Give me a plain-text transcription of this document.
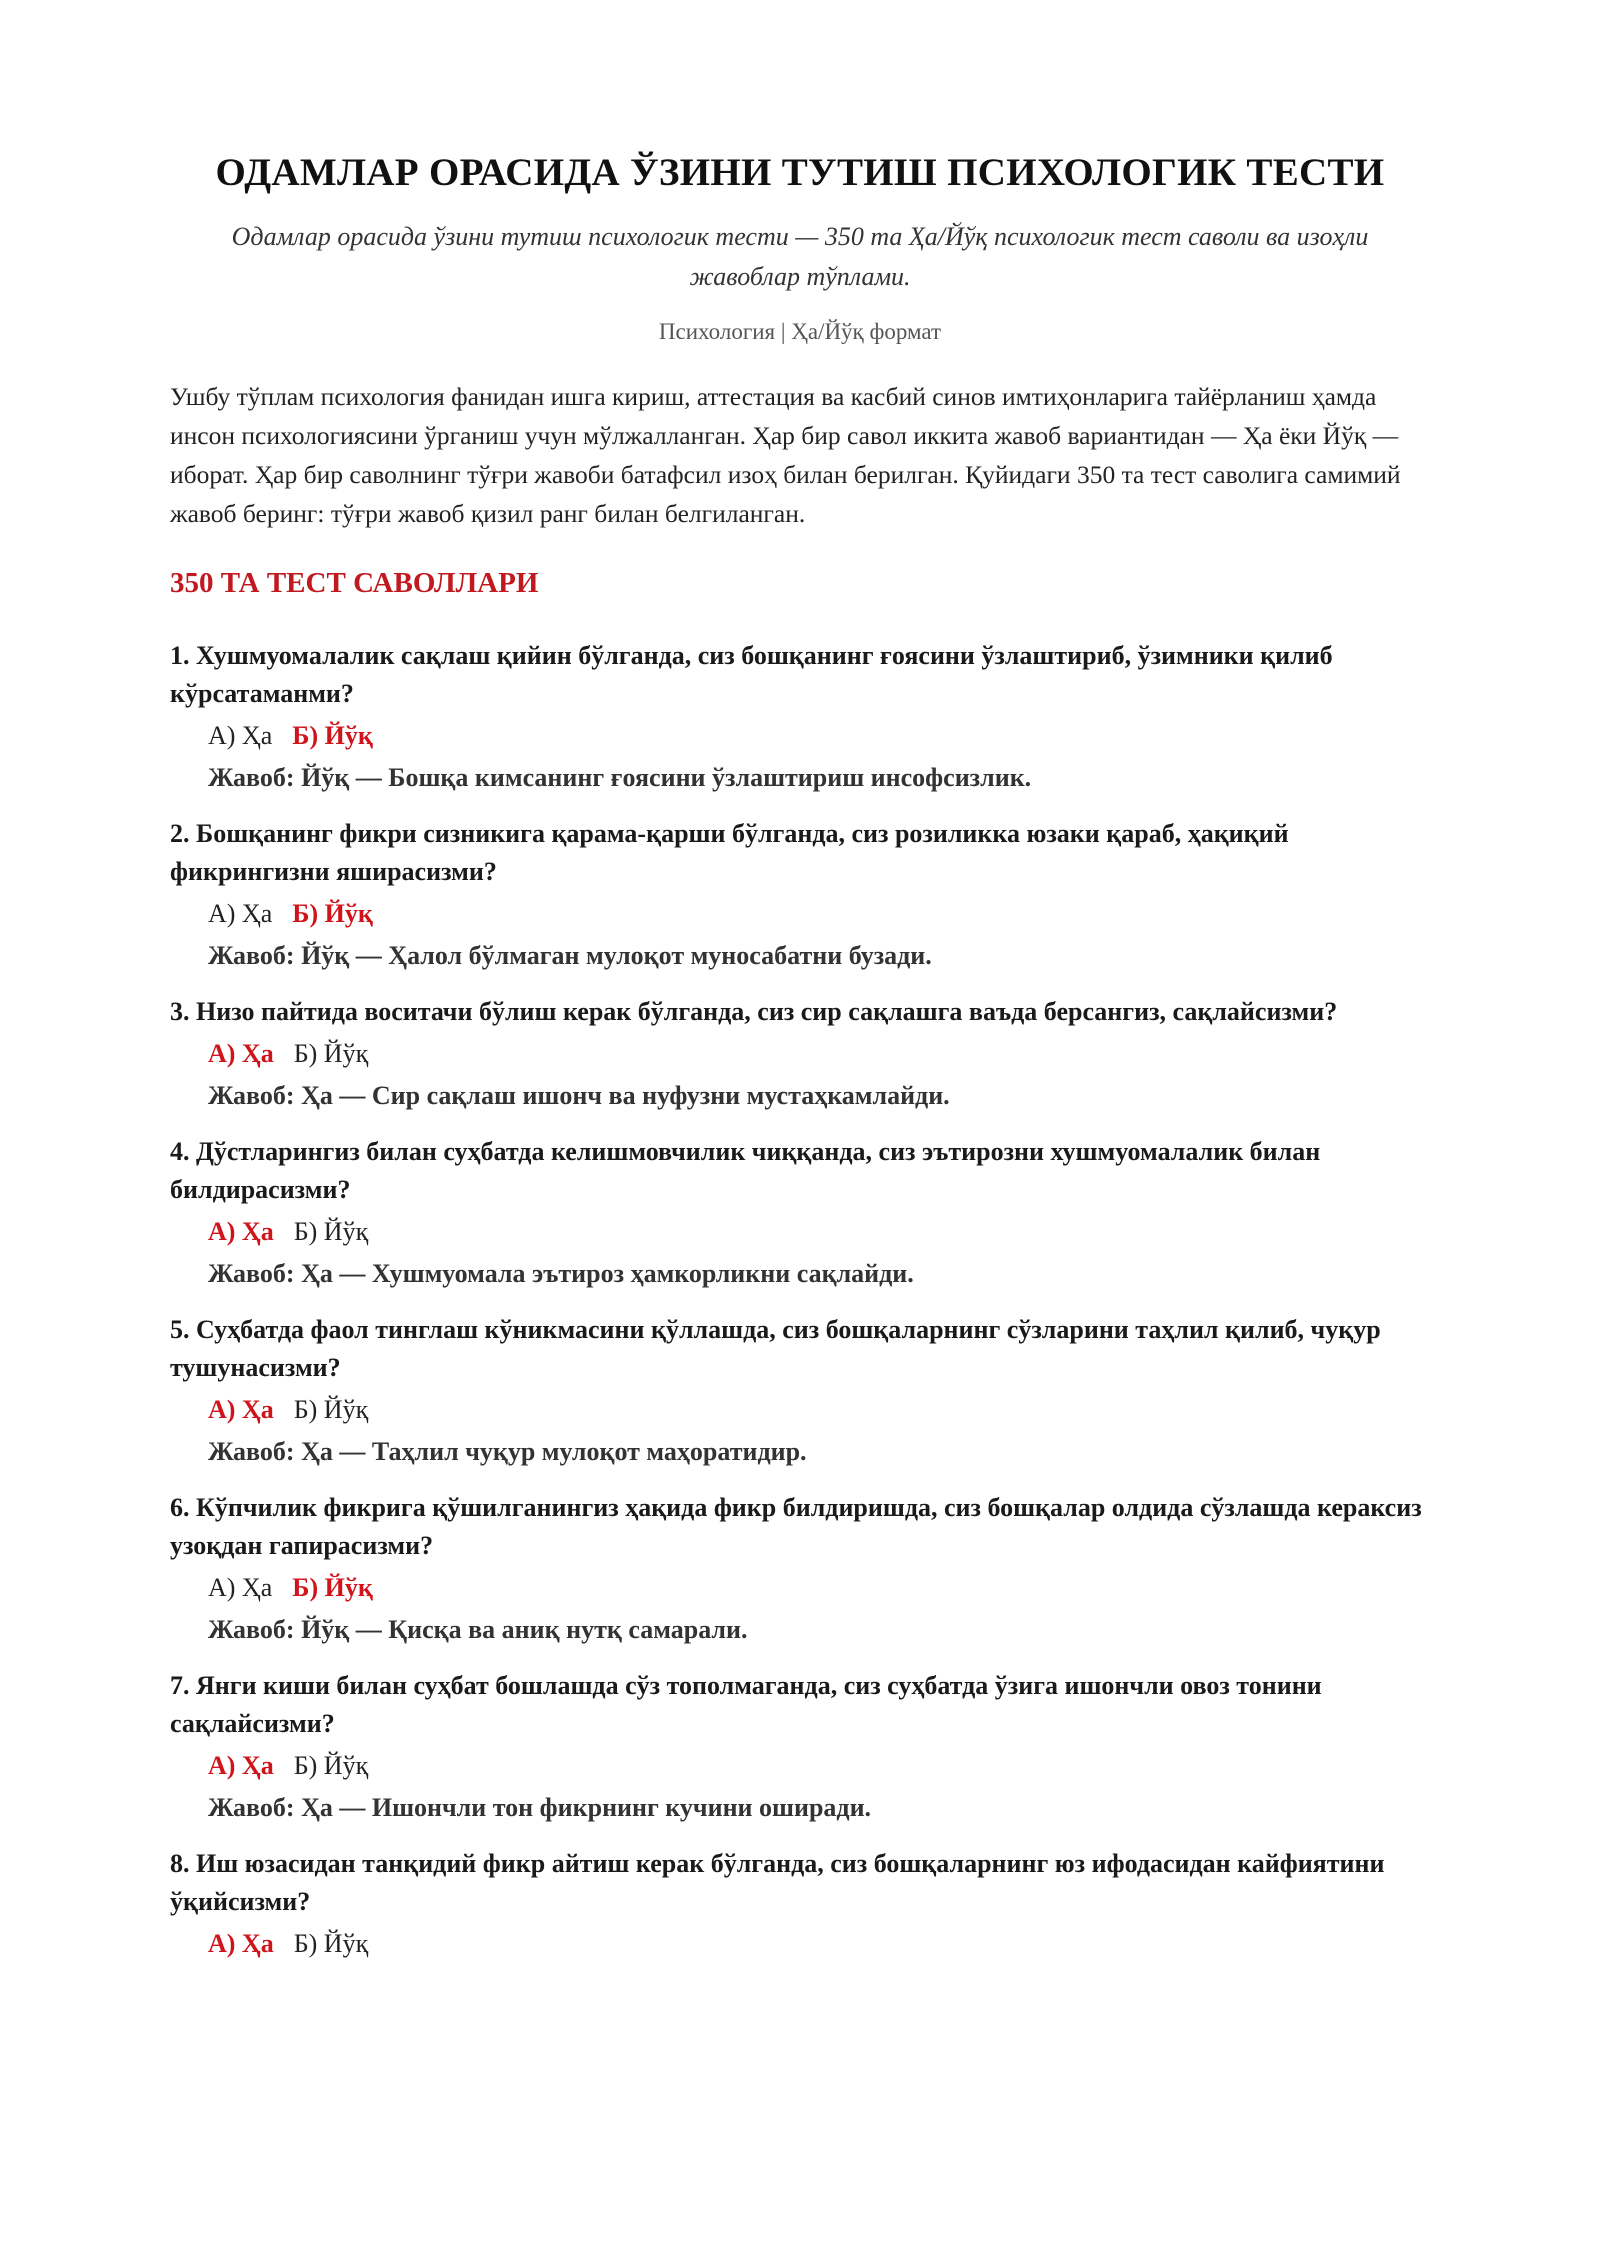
ОДАМЛАР ОРАСИДА ЎЗИНИ ТУТИШ ПСИХОЛОГИК ТЕСТИ

Одамлар орасида ўзини тутиш психологик тести — 350 та Ҳа/Йўқ психологик тест саволи ва изоҳли жавоблар тўплами.

Психология | Ҳа/Йўқ формат

Ушбу тўплам психология фанидан ишга кириш, аттестация ва касбий синов имтиҳонларига тайёрланиш ҳамда инсон психологиясини ўрганиш учун мўлжалланган. Ҳар бир савол иккита жавоб вариантидан — Ҳа ёки Йўқ — иборат. Ҳар бир саволнинг тўғри жавоби батафсил изоҳ билан берилган. Қуйидаги 350 та тест саволига самимий жавоб беринг: тўғри жавоб қизил ранг билан белгиланган.

350 ТА ТЕСТ САВОЛЛАРИ
1. Хушмуомалалик сақлаш қийин бўлганда, сиз бошқанинг ғоясини ўзлаштириб, ўзимники қилиб кўрсатаманми?
А) Ҳа Б) Йўқ
Жавоб: Йўқ — Бошқа кимсанинг ғоясини ўзлаштириш инсофсизлик.
2. Бошқанинг фикри сизникига қарама-қарши бўлганда, сиз розиликка юзаки қараб, ҳақиқий фикрингизни яширасизми?
А) Ҳа Б) Йўқ
Жавоб: Йўқ — Ҳалол бўлмаган мулоқот муносабатни бузади.
3. Низо пайтида воситачи бўлиш керак бўлганда, сиз сир сақлашга ваъда берсангиз, сақлайсизми?
А) Ҳа Б) Йўқ
Жавоб: Ҳа — Сир сақлаш ишонч ва нуфузни мустаҳкамлайди.
4. Дўстларингиз билан суҳбатда келишмовчилик чиққанда, сиз эътирозни хушмуомалалик билан билдирасизми?
А) Ҳа Б) Йўқ
Жавоб: Ҳа — Хушмуомала эътироз ҳамкорликни сақлайди.
5. Суҳбатда фаол тинглаш кўникмасини қўллашда, сиз бошқаларнинг сўзларини таҳлил қилиб, чуқур тушунасизми?
А) Ҳа Б) Йўқ
Жавоб: Ҳа — Таҳлил чуқур мулоқот маҳоратидир.
6. Кўпчилик фикрига қўшилганингиз ҳақида фикр билдиришда, сиз бошқалар олдида сўзлашда кераксиз узоқдан гапирасизми?
А) Ҳа Б) Йўқ
Жавоб: Йўқ — Қисқа ва аниқ нутқ самарали.
7. Янги киши билан суҳбат бошлашда сўз тополмаганда, сиз суҳбатда ўзига ишончли овоз тонини сақлайсизми?
А) Ҳа Б) Йўқ
Жавоб: Ҳа — Ишончли тон фикрнинг кучини оширади.
8. Иш юзасидан танқидий фикр айтиш керак бўлганда, сиз бошқаларнинг юз ифодасидан кайфиятини ўқийсизми?
А) Ҳа Б) Йўқ
